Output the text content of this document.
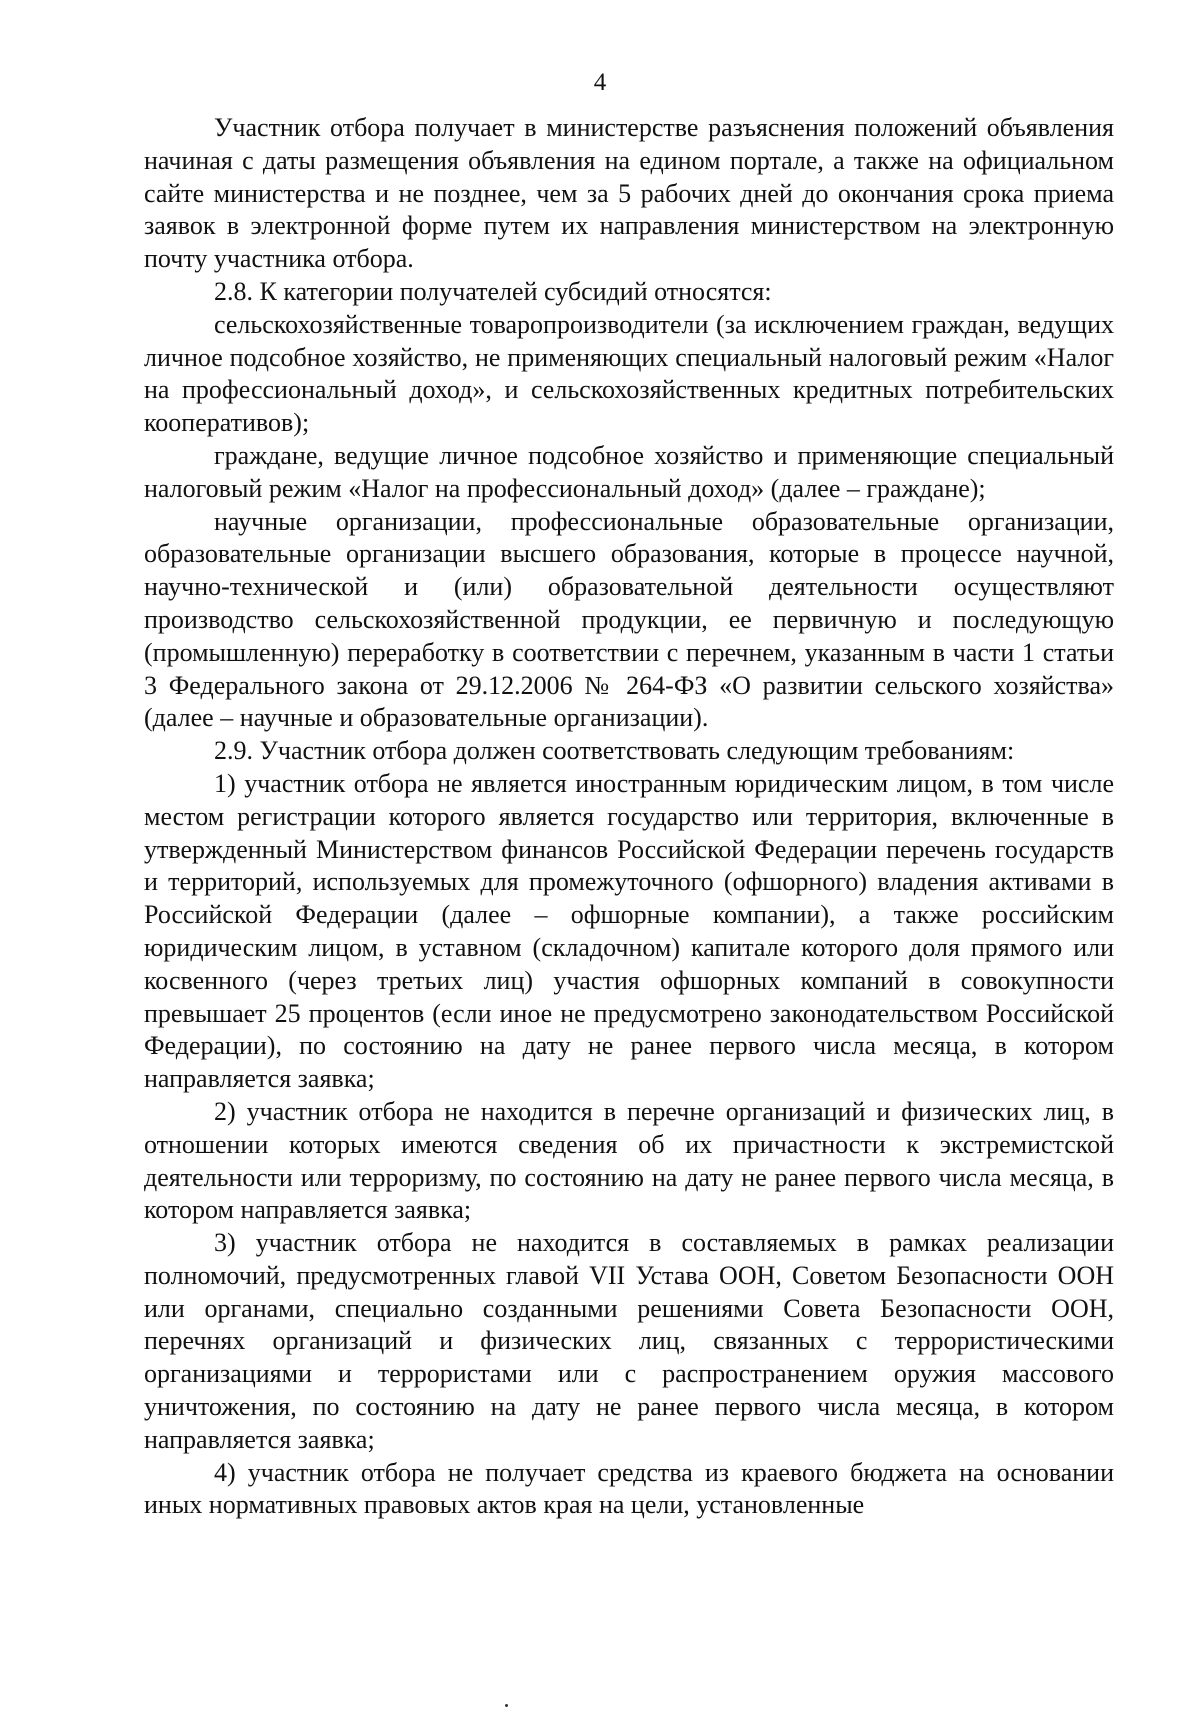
4

Участник отбора получает в министерстве разъяснения положений объявления начиная с даты размещения объявления на едином портале, а также на официальном сайте министерства и не позднее, чем за 5 рабочих дней до окончания срока приема заявок в электронной форме путем их направления министерством на электронную почту участника отбора.

2.8. К категории получателей субсидий относятся:

сельскохозяйственные товаропроизводители (за исключением граждан, ведущих личное подсобное хозяйство, не применяющих специальный налоговый режим «Налог на профессиональный доход», и сельскохозяйственных кредитных потребительских кооперативов);

граждане, ведущие личное подсобное хозяйство и применяющие специальный налоговый режим «Налог на профессиональный доход» (далее – граждане);

научные организации, профессиональные образовательные организации, образовательные организации высшего образования, которые в процессе научной, научно-технической и (или) образовательной деятельности осуществляют производство сельскохозяйственной продукции, ее первичную и последующую (промышленную) переработку в соответствии с перечнем, указанным в части 1 статьи 3 Федерального закона от 29.12.2006 № 264-ФЗ «О развитии сельского хозяйства» (далее – научные и образовательные организации).

2.9. Участник отбора должен соответствовать следующим требованиям:

1) участник отбора не является иностранным юридическим лицом, в том числе местом регистрации которого является государство или территория, включенные в утвержденный Министерством финансов Российской Федерации перечень государств и территорий, используемых для промежуточного (офшорного) владения активами в Российской Федерации (далее – офшорные компании), а также российским юридическим лицом, в уставном (складочном) капитале которого доля прямого или косвенного (через третьих лиц) участия офшорных компаний в совокупности превышает 25 процентов (если иное не предусмотрено законодательством Российской Федерации), по состоянию на дату не ранее первого числа месяца, в котором направляется заявка;

2) участник отбора не находится в перечне организаций и физических лиц, в отношении которых имеются сведения об их причастности к экстремистской деятельности или терроризму, по состоянию на дату не ранее первого числа месяца, в котором направляется заявка;

3) участник отбора не находится в составляемых в рамках реализации полномочий, предусмотренных главой VII Устава ООН, Советом Безопасности ООН или органами, специально созданными решениями Совета Безопасности ООН, перечнях организаций и физических лиц, связанных с террористическими организациями и террористами или с распространением оружия массового уничтожения, по состоянию на дату не ранее первого числа месяца, в котором направляется заявка;

4) участник отбора не получает средства из краевого бюджета на основании иных нормативных правовых актов края на цели, установленные
